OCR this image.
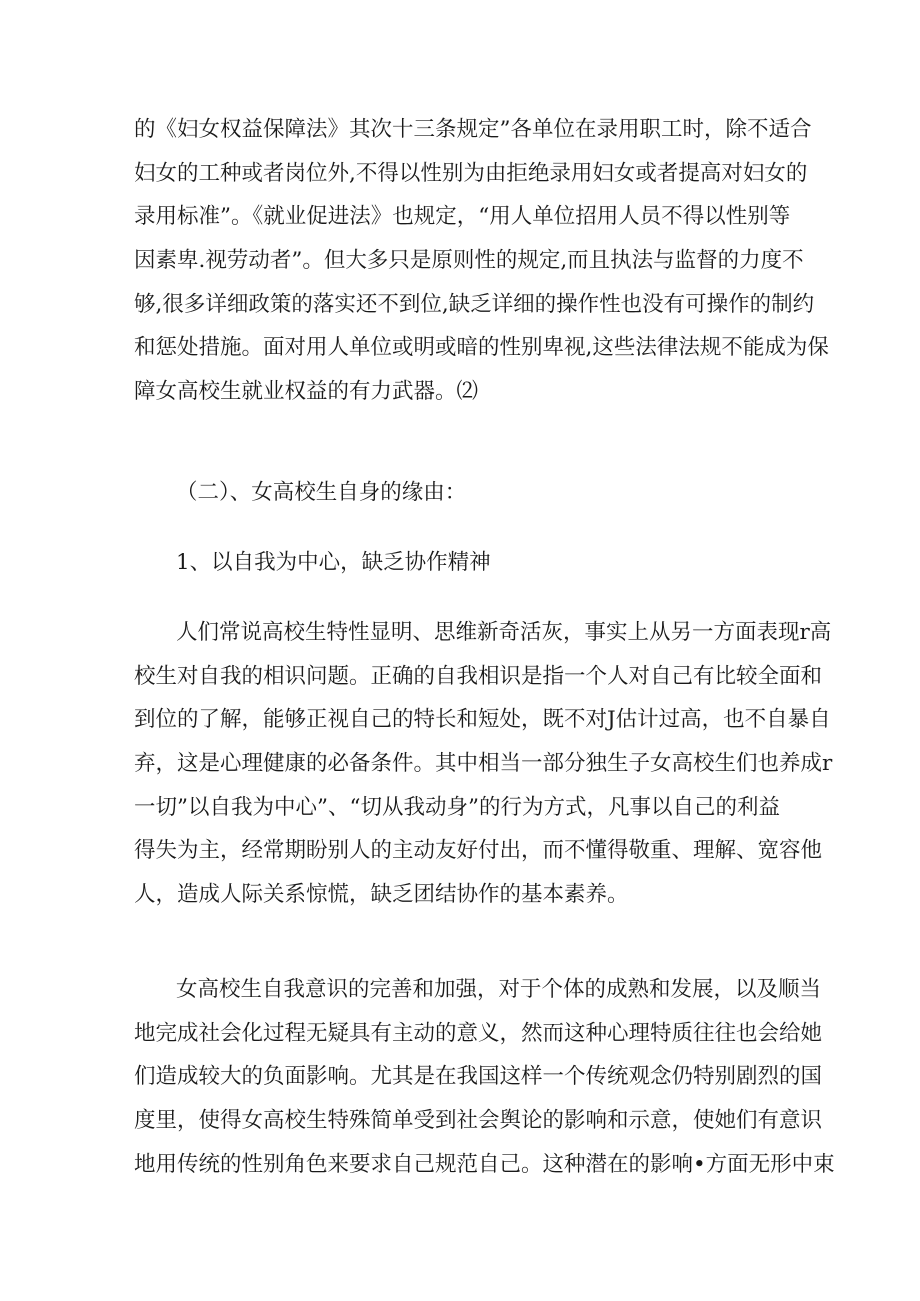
的《妇女权益保障法》其次十三条规定”各单位在录用职工时，除不适合
妇女的工种或者岗位外,不得以性别为由拒绝录用妇女或者提高对妇女的
录用标准”。《就业促进法》也规定，“用人单位招用人员不得以性别等
因素卑.视劳动者”。但大多只是原则性的规定,而且执法与监督的力度不
够,很多详细政策的落实还不到位,缺乏详细的操作性也没有可操作的制约
和惩处措施。面对用人单位或明或暗的性别卑视,这些法律法规不能成为保
障女高校生就业权益的有力武器。⑵
（二）、女高校生自身的缘由：
1、以自我为中心，缺乏协作精神
人们常说高校生特性显明、思维新奇活灰，事实上从另一方面表现r高
校生对自我的相识问题。正确的自我相识是指一个人对自己有比较全面和
到位的了解，能够正视自己的特长和短处，既不对J估计过高，也不自暴自
弃，这是心理健康的必备条件。其中相当一部分独生子女高校生们也养成r
一切”以自我为中心”、“切从我动身”的行为方式，凡事以自己的利益
得失为主，经常期盼别人的主动友好付出，而不懂得敬重、理解、宽容他
人，造成人际关系惊慌，缺乏团结协作的基本素养。
女高校生自我意识的完善和加强，对于个体的成熟和发展，以及顺当
地完成社会化过程无疑具有主动的意义，然而这种心理特质往往也会给她
们造成较大的负面影响。尤其是在我国这样一个传统观念仍特别剧烈的国
度里，使得女高校生特殊简单受到社会舆论的影响和示意，使她们有意识
地用传统的性别角色来要求自己规范自己。这种潜在的影响•方面无形中束
